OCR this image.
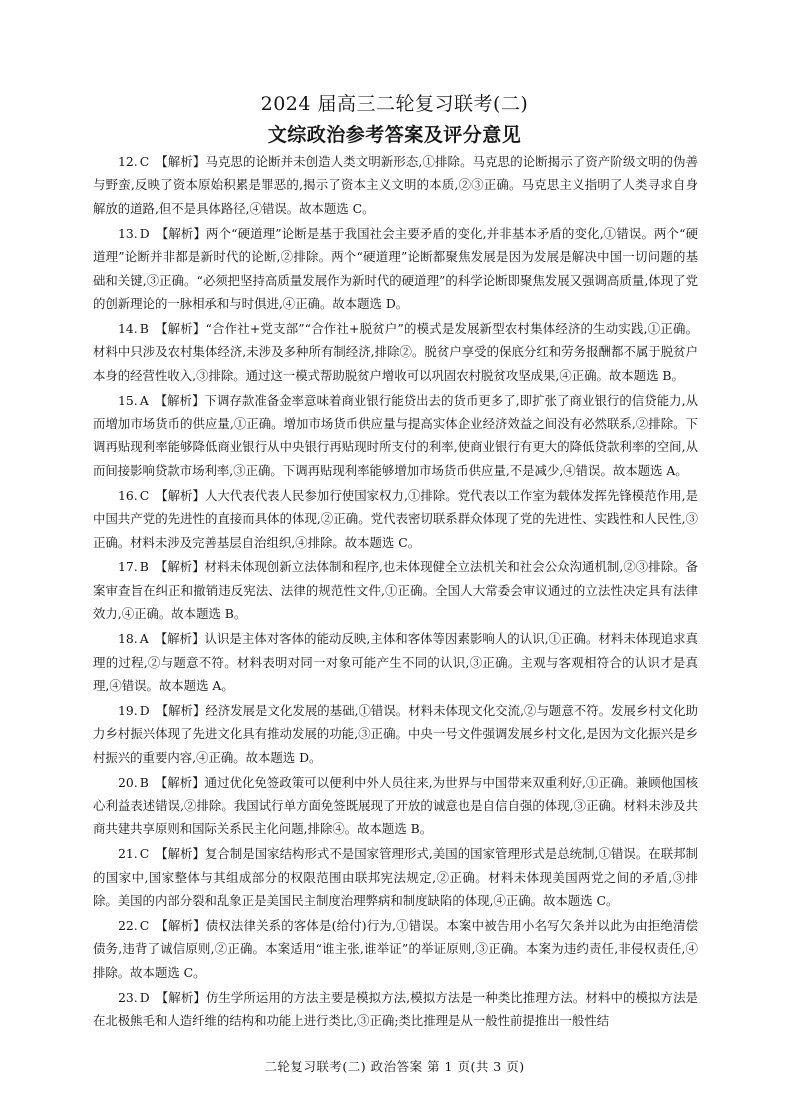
2024 届高三二轮复习联考(二)
文综政治参考答案及评分意见

12. C 【解析】马克思的论断并未创造人类文明新形态,①排除。马克思的论断揭示了资产阶级文明的伪善与野蛮,反映了资本原始积累是罪恶的,揭示了资本主义文明的本质,②③正确。马克思主义指明了人类寻求自身解放的道路,但不是具体路径,④错误。故本题选 C。

13. D 【解析】两个“硬道理”论断是基于我国社会主要矛盾的变化,并非基本矛盾的变化,①错误。两个“硬道理”论断并非都是新时代的论断,②排除。两个“硬道理”论断都聚焦发展是因为发展是解决中国一切问题的基础和关键,③正确。“必须把坚持高质量发展作为新时代的硬道理”的科学论断即聚焦发展又强调高质量,体现了党的创新理论的一脉相承和与时俱进,④正确。故本题选 D。

14. B 【解析】“合作社+党支部”“合作社+脱贫户”的模式是发展新型农村集体经济的生动实践,①正确。材料中只涉及农村集体经济,未涉及多种所有制经济,排除②。脱贫户享受的保底分红和劳务报酬都不属于脱贫户本身的经营性收入,③排除。通过这一模式帮助脱贫户增收可以巩固农村脱贫攻坚成果,④正确。故本题选 B。

15. A 【解析】下调存款准备金率意味着商业银行能贷出去的货币更多了,即扩张了商业银行的信贷能力,从而增加市场货币的供应量,①正确。增加市场货币供应量与提高实体企业经济效益之间没有必然联系,②排除。下调再贴现利率能够降低商业银行从中央银行再贴现时所支付的利率,使商业银行有更大的降低贷款利率的空间,从而间接影响贷款市场利率,③正确。下调再贴现利率能够增加市场货币供应量,不是减少,④错误。故本题选 A。

16. C 【解析】人大代表代表人民参加行使国家权力,①排除。党代表以工作室为载体发挥先锋模范作用,是中国共产党的先进性的直接而具体的体现,②正确。党代表密切联系群众体现了党的先进性、实践性和人民性,③正确。材料未涉及完善基层自治组织,④排除。故本题选 C。

17. B 【解析】材料未体现创新立法体制和程序,也未体现健全立法机关和社会公众沟通机制,②③排除。备案审查旨在纠正和撤销违反宪法、法律的规范性文件,①正确。全国人大常委会审议通过的立法性决定具有法律效力,④正确。故本题选 B。

18. A 【解析】认识是主体对客体的能动反映,主体和客体等因素影响人的认识,①正确。材料未体现追求真理的过程,②与题意不符。材料表明对同一对象可能产生不同的认识,③正确。主观与客观相符合的认识才是真理,④错误。故本题选 A。

19. D 【解析】经济发展是文化发展的基础,①错误。材料未体现文化交流,②与题意不符。发展乡村文化助力乡村振兴体现了先进文化具有推动发展的功能,③正确。中央一号文件强调发展乡村文化,是因为文化振兴是乡村振兴的重要内容,④正确。故本题选 D。

20. B 【解析】通过优化免签政策可以便利中外人员往来,为世界与中国带来双重利好,①正确。兼顾他国核心利益表述错误,②排除。我国试行单方面免签既展现了开放的诚意也是自信自强的体现,③正确。材料未涉及共商共建共享原则和国际关系民主化问题,排除④。故本题选 B。

21. C 【解析】复合制是国家结构形式不是国家管理形式,美国的国家管理形式是总统制,①错误。在联邦制的国家中,国家整体与其组成部分的权限范围由联邦宪法规定,②正确。材料未体现美国两党之间的矛盾,③排除。美国的内部分裂和乱象正是美国民主制度治理弊病和制度缺陷的体现,④正确。故本题选 C。

22. C 【解析】债权法律关系的客体是(给付)行为,①错误。本案中被告用小名写欠条并以此为由拒绝清偿债务,违背了诚信原则,②正确。本案适用“谁主张,谁举证”的举证原则,③正确。本案为违约责任,非侵权责任,④排除。故本题选 C。

23. D 【解析】仿生学所运用的方法主要是模拟方法,模拟方法是一种类比推理方法。材料中的模拟方法是在北极熊毛和人造纤维的结构和功能上进行类比,③正确;类比推理是从一般性前提推出一般性结

二轮复习联考(二) 政治答案 第 1 页(共 3 页)
